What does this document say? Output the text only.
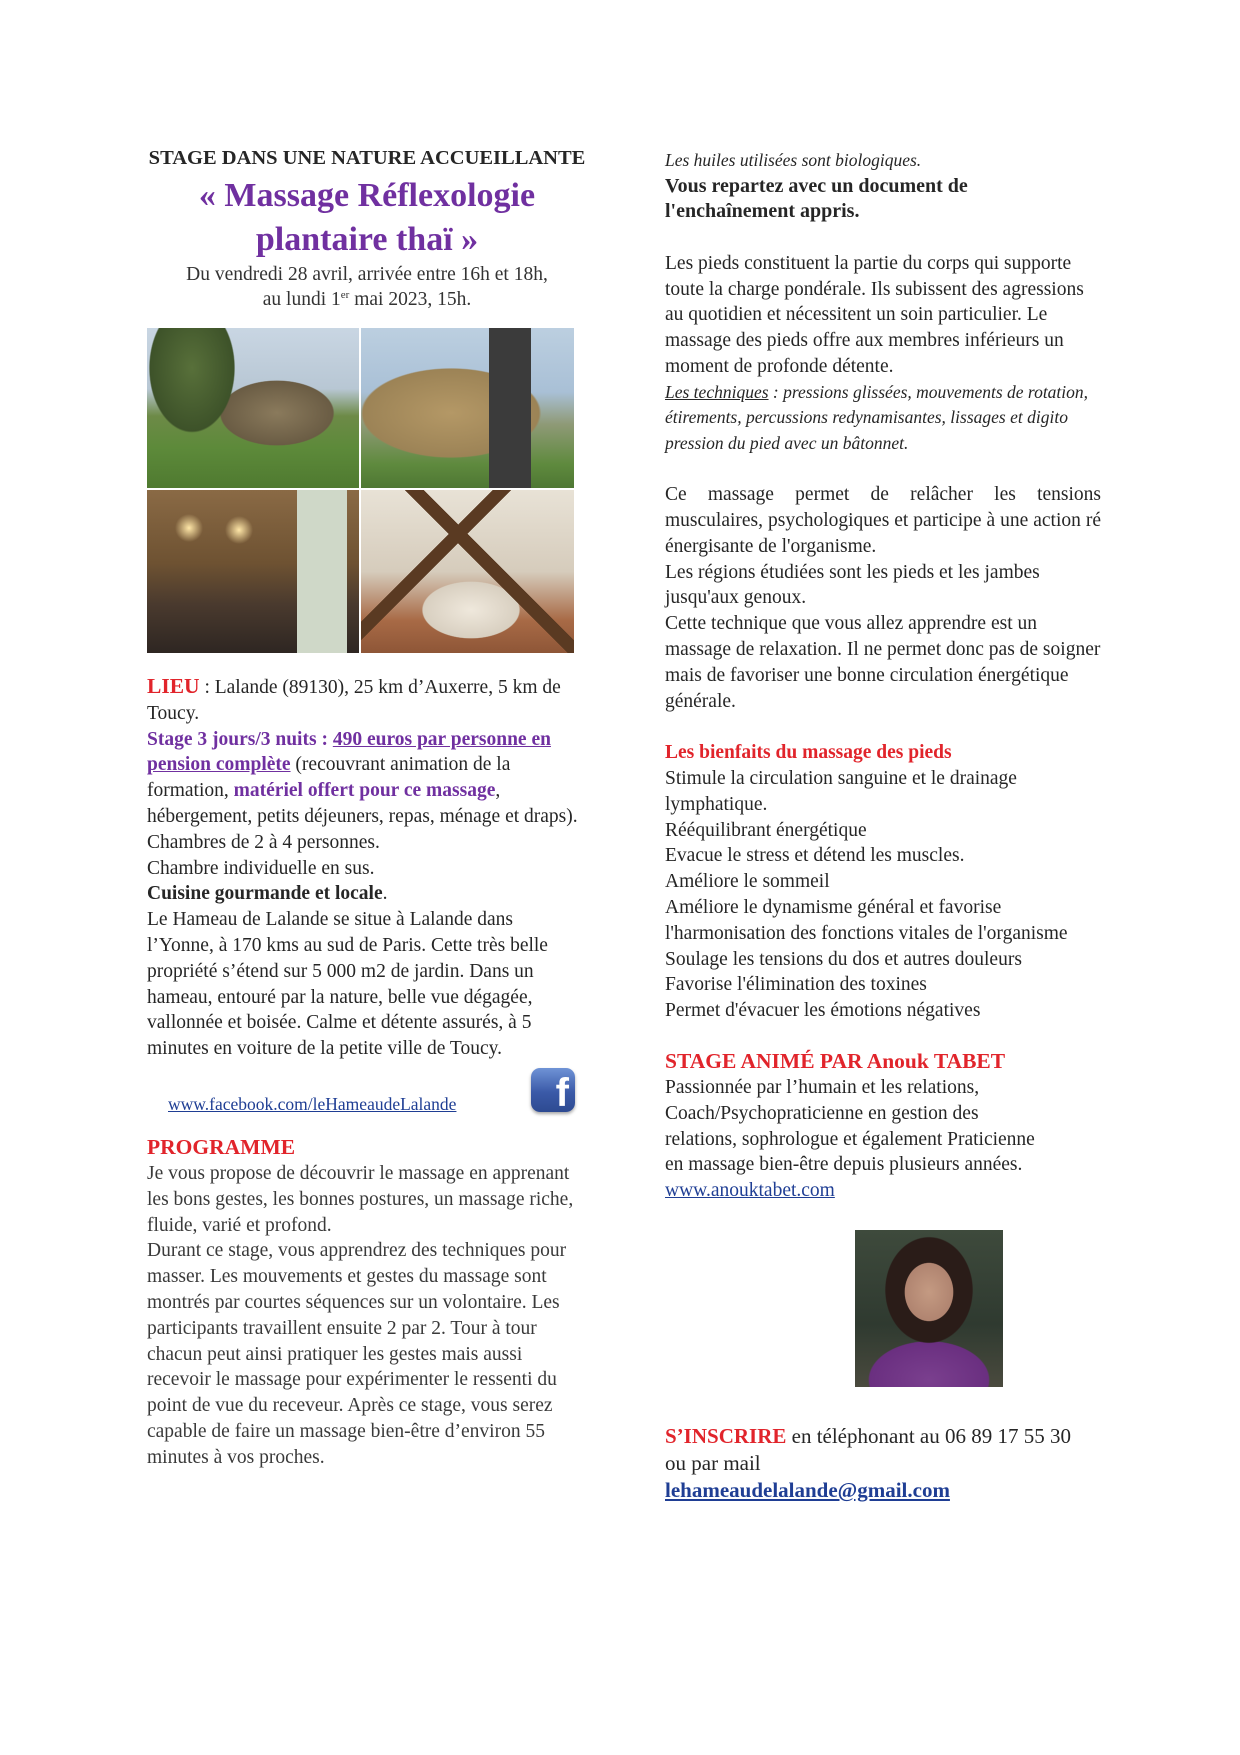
STAGE DANS UNE NATURE ACCUEILLANTE

« Massage Réflexologie
plantaire thaï »

Du vendredi 28 avril, arrivée entre 16h et 18h,
au lundi 1er mai 2023, 15h.

LIEU : Lalande (89130), 25 km d’Auxerre, 5 km de Toucy.

Stage 3 jours/3 nuits : 490 euros par personne en pension complète (recouvrant animation de la formation, matériel offert pour ce massage, hébergement, petits déjeuners, repas, ménage et draps). Chambres de 2 à 4 personnes.

Chambre individuelle en sus.

Cuisine gourmande et locale.

Le Hameau de Lalande se situe à Lalande dans l’Yonne, à 170 kms au sud de Paris. Cette très belle propriété s’étend sur 5 000 m2 de jardin. Dans un hameau, entouré par la nature, belle vue dégagée, vallonnée et boisée. Calme et détente assurés, à 5 minutes en voiture de la petite ville de Toucy.

www.facebook.com/leHameaudeLalande	f

PROGRAMME

Je vous propose de découvrir le massage en apprenant les bons gestes, les bonnes postures, un massage riche, fluide, varié et profond.

Durant ce stage, vous apprendrez des techniques pour masser. Les mouvements et gestes du massage sont montrés par courtes séquences sur un volontaire. Les participants travaillent ensuite 2 par 2. Tour à tour chacun peut ainsi pratiquer les gestes mais aussi recevoir le massage pour expérimenter le ressenti du point de vue du receveur. Après ce stage, vous serez capable de faire un massage bien-être d’environ 55 minutes à vos proches.

Les huiles utilisées sont biologiques.

Vous repartez avec un document de l'enchaînement appris.

Les pieds constituent la partie du corps qui supporte toute la charge pondérale. Ils subissent des agressions au quotidien et nécessitent un soin particulier. Le massage des pieds offre aux membres inférieurs un moment de profonde détente.

Les techniques : pressions glissées, mouvements de rotation, étirements, percussions redynamisantes, lissages et digito pression du pied avec un bâtonnet.

Ce massage permet de relâcher les tensions musculaires, psychologiques et participe à une action ré énergisante de l'organisme.

Les régions étudiées sont les pieds et les jambes jusqu'aux genoux.

Cette technique que vous allez apprendre est un massage de relaxation. Il ne permet donc pas de soigner mais de favoriser une bonne circulation énergétique générale.

Les bienfaits du massage des pieds

Stimule la circulation sanguine et le drainage lymphatique.

Rééquilibrant énergétique

Evacue le stress et détend les muscles.

Améliore le sommeil

Améliore le dynamisme général et favorise l'harmonisation des fonctions vitales de l'organisme

Soulage les tensions du dos et autres douleurs

Favorise l'élimination des toxines

Permet d'évacuer les émotions négatives

STAGE ANIMÉ PAR Anouk TABET

Passionnée par l’humain et les relations, Coach/Psychopraticienne en gestion des relations, sophrologue et également Praticienne en massage bien-être depuis plusieurs années. www.anouktabet.com

S’INSCRIRE en téléphonant au 06 89 17 55 30 ou par mail
lehameaudelalande@gmail.com
